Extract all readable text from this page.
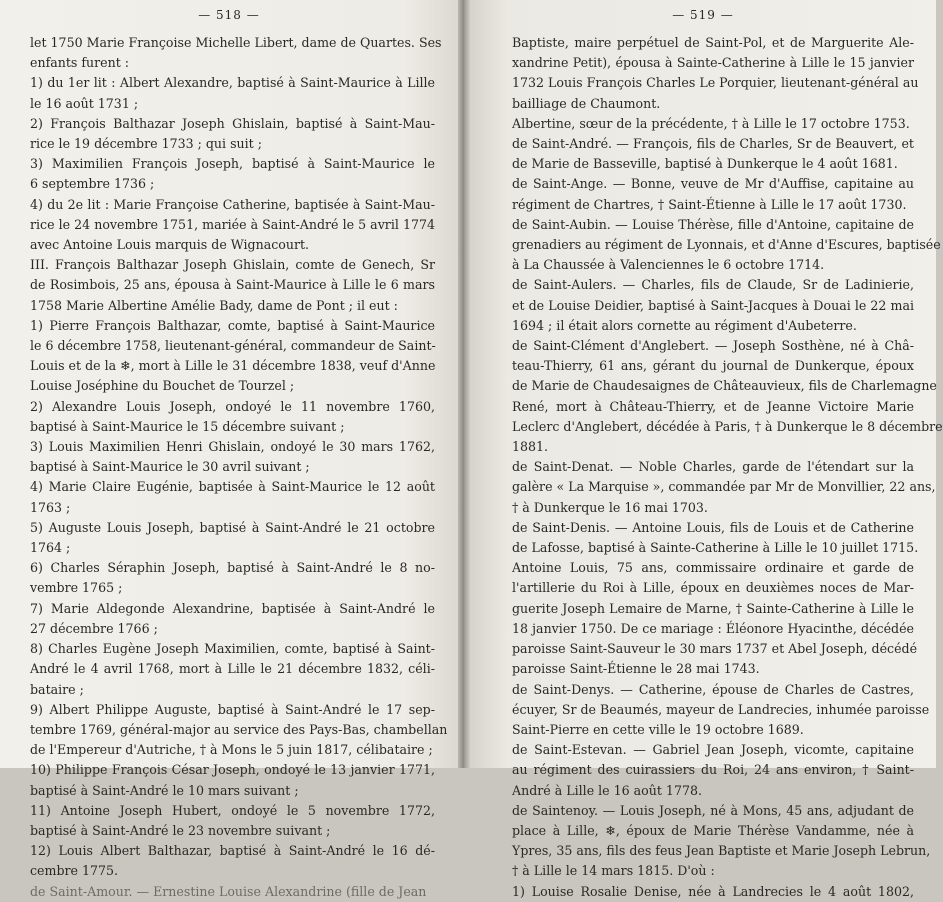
— 518 —
let 1750 Marie Françoise Michelle Libert, dame de Quartes. Ses
enfants furent :
1) du 1er lit : Albert Alexandre, baptisé à Saint-Maurice à Lille
le 16 août 1731 ;
2) François Balthazar Joseph Ghislain, baptisé à Saint-Mau-
rice le 19 décembre 1733 ; qui suit ;
3) Maximilien François Joseph, baptisé à Saint-Maurice le
6 septembre 1736 ;
4) du 2e lit : Marie Françoise Catherine, baptisée à Saint-Mau-
rice le 24 novembre 1751, mariée à Saint-André le 5 avril 1774
avec Antoine Louis marquis de Wignacourt.
III. François Balthazar Joseph Ghislain, comte de Genech, Sr
de Rosimbois, 25 ans, épousa à Saint-Maurice à Lille le 6 mars
1758 Marie Albertine Amélie Bady, dame de Pont ; il eut :
1) Pierre François Balthazar, comte, baptisé à Saint-Maurice
le 6 décembre 1758, lieutenant-général, commandeur de Saint-
Louis et de la ❄, mort à Lille le 31 décembre 1838, veuf d'Anne
Louise Joséphine du Bouchet de Tourzel ;
2) Alexandre Louis Joseph, ondoyé le 11 novembre 1760,
baptisé à Saint-Maurice le 15 décembre suivant ;
3) Louis Maximilien Henri Ghislain, ondoyé le 30 mars 1762,
baptisé à Saint-Maurice le 30 avril suivant ;
4) Marie Claire Eugénie, baptisée à Saint-Maurice le 12 août
1763 ;
5) Auguste Louis Joseph, baptisé à Saint-André le 21 octobre
1764 ;
6) Charles Séraphin Joseph, baptisé à Saint-André le 8 no-
vembre 1765 ;
7) Marie Aldegonde Alexandrine, baptisée à Saint-André le
27 décembre 1766 ;
8) Charles Eugène Joseph Maximilien, comte, baptisé à Saint-
André le 4 avril 1768, mort à Lille le 21 décembre 1832, céli-
bataire ;
9) Albert Philippe Auguste, baptisé à Saint-André le 17 sep-
tembre 1769, général-major au service des Pays-Bas, chambellan
de l'Empereur d'Autriche, † à Mons le 5 juin 1817, célibataire ;
10) Philippe François César Joseph, ondoyé le 13 janvier 1771,
baptisé à Saint-André le 10 mars suivant ;
11) Antoine Joseph Hubert, ondoyé le 5 novembre 1772,
baptisé à Saint-André le 23 novembre suivant ;
12) Louis Albert Balthazar, baptisé à Saint-André le 16 dé-
cembre 1775.
de Saint-Amour. — Ernestine Louise Alexandrine (fille de Jean
— 519 —
Baptiste, maire perpétuel de Saint-Pol, et de Marguerite Ale-
xandrine Petit), épousa à Sainte-Catherine à Lille le 15 janvier
1732 Louis François Charles Le Porquier, lieutenant-général au
bailliage de Chaumont.
Albertine, sœur de la précédente, † à Lille le 17 octobre 1753.
de Saint-André. — François, fils de Charles, Sr de Beauvert, et
de Marie de Basseville, baptisé à Dunkerque le 4 août 1681.
de Saint-Ange. — Bonne, veuve de Mr d'Auffise, capitaine au
régiment de Chartres, † Saint-Étienne à Lille le 17 août 1730.
de Saint-Aubin. — Louise Thérèse, fille d'Antoine, capitaine de
grenadiers au régiment de Lyonnais, et d'Anne d'Escures, baptisée
à La Chaussée à Valenciennes le 6 octobre 1714.
de Saint-Aulers. — Charles, fils de Claude, Sr de Ladinierie,
et de Louise Deidier, baptisé à Saint-Jacques à Douai le 22 mai
1694 ; il était alors cornette au régiment d'Aubeterre.
de Saint-Clément d'Anglebert. — Joseph Sosthène, né à Châ-
teau-Thierry, 61 ans, gérant du journal de Dunkerque, époux
de Marie de Chaudesaignes de Châteauvieux, fils de Charlemagne
René, mort à Château-Thierry, et de Jeanne Victoire Marie
Leclerc d'Anglebert, décédée à Paris, † à Dunkerque le 8 décembre
1881.
de Saint-Denat. — Noble Charles, garde de l'étendart sur la
galère « La Marquise », commandée par Mr de Monvillier, 22 ans,
† à Dunkerque le 16 mai 1703.
de Saint-Denis. — Antoine Louis, fils de Louis et de Catherine
de Lafosse, baptisé à Sainte-Catherine à Lille le 10 juillet 1715.
Antoine Louis, 75 ans, commissaire ordinaire et garde de
l'artillerie du Roi à Lille, époux en deuxièmes noces de Mar-
guerite Joseph Lemaire de Marne, † Sainte-Catherine à Lille le
18 janvier 1750. De ce mariage : Éléonore Hyacinthe, décédée
paroisse Saint-Sauveur le 30 mars 1737 et Abel Joseph, décédé
paroisse Saint-Étienne le 28 mai 1743.
de Saint-Denys. — Catherine, épouse de Charles de Castres,
écuyer, Sr de Beaumés, mayeur de Landrecies, inhumée paroisse
Saint-Pierre en cette ville le 19 octobre 1689.
de Saint-Estevan. — Gabriel Jean Joseph, vicomte, capitaine
au régiment des cuirassiers du Roi, 24 ans environ, † Saint-
André à Lille le 16 août 1778.
de Saintenoy. — Louis Joseph, né à Mons, 45 ans, adjudant de
place à Lille, ❄, époux de Marie Thérèse Vandamme, née à
Ypres, 35 ans, fils des feus Jean Baptiste et Marie Joseph Lebrun,
† à Lille le 14 mars 1815. D'où :
1) Louise Rosalie Denise, née à Landrecies le 4 août 1802,
